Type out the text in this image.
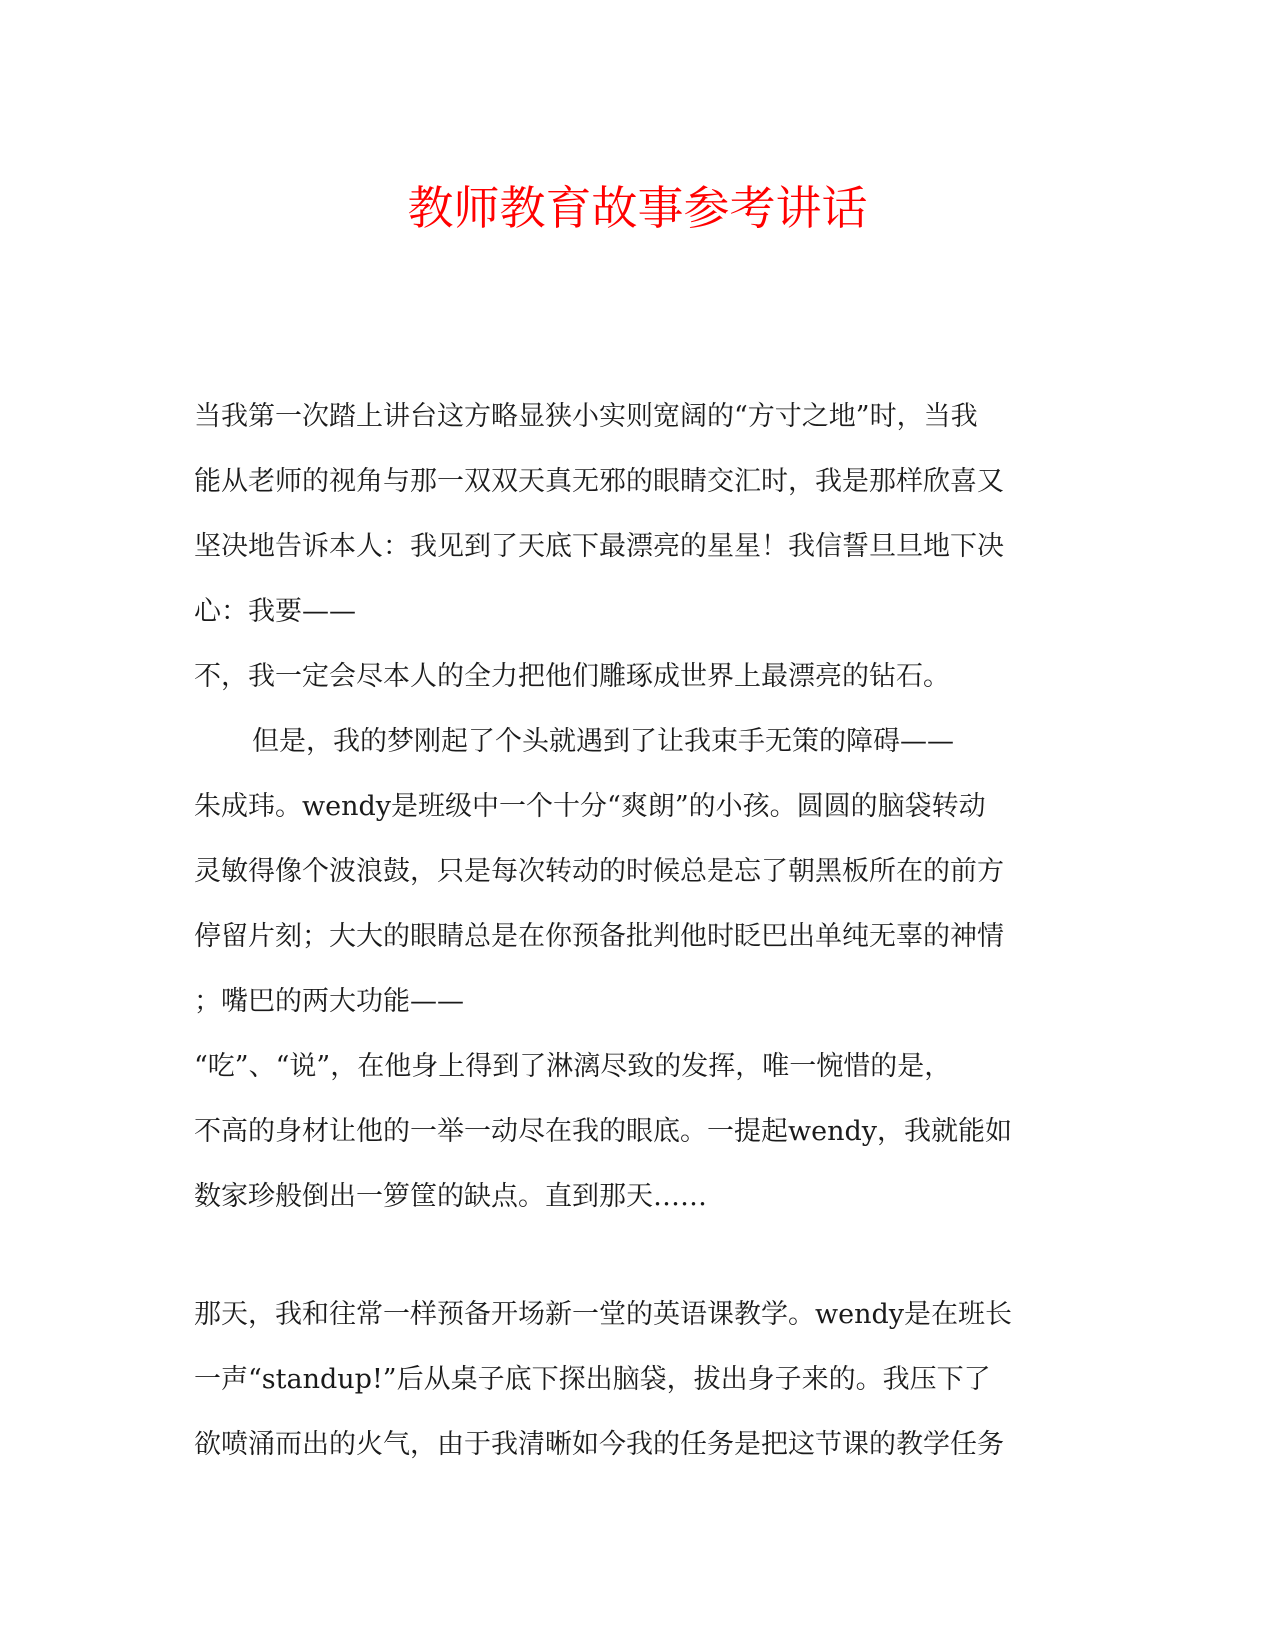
教师教育故事参考讲话
当我第一次踏上讲台这方略显狭小实则宽阔的“方寸之地”时，当我
能从老师的视角与那一双双天真无邪的眼睛交汇时，我是那样欣喜又
坚决地告诉本人：我见到了天底下最漂亮的星星！我信誓旦旦地下决
心：我要——
不，我一定会尽本人的全力把他们雕琢成世界上最漂亮的钻石。
但是，我的梦刚起了个头就遇到了让我束手无策的障碍——
朱成玮。wendy是班级中一个十分“爽朗”的小孩。圆圆的脑袋转动
灵敏得像个波浪鼓，只是每次转动的时候总是忘了朝黑板所在的前方
停留片刻；大大的眼睛总是在你预备批判他时眨巴出单纯无辜的神情
；嘴巴的两大功能——
“吃”、“说”，在他身上得到了淋漓尽致的发挥，唯一惋惜的是，
不高的身材让他的一举一动尽在我的眼底。一提起wendy，我就能如
数家珍般倒出一箩筐的缺点。直到那天……
那天，我和往常一样预备开场新一堂的英语课教学。wendy是在班长
一声“standup!”后从桌子底下探出脑袋，拔出身子来的。我压下了
欲喷涌而出的火气，由于我清晰如今我的任务是把这节课的教学任务
